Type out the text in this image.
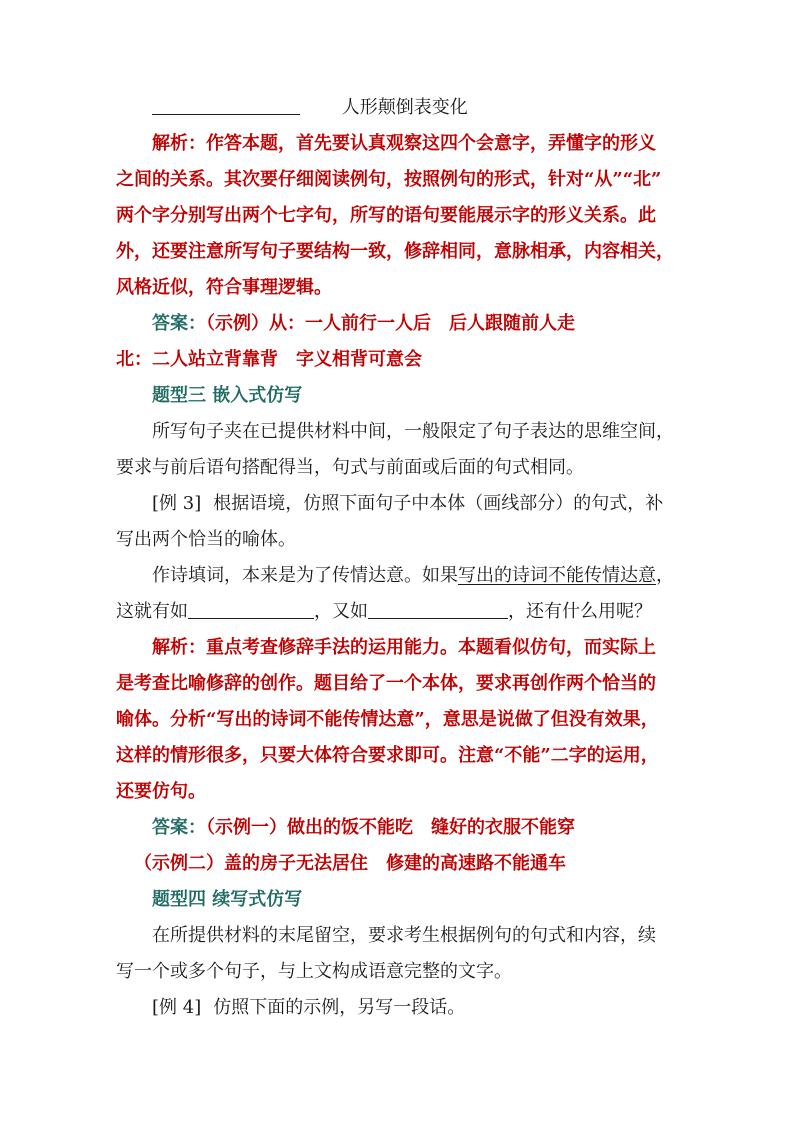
人形颠倒表变化
解析：作答本题，首先要认真观察这四个会意字，弄懂字的形义
之间的关系。其次要仔细阅读例句，按照例句的形式，针对“从”“北”
两个字分别写出两个七字句，所写的语句要能展示字的形义关系。此
外，还要注意所写句子要结构一致，修辞相同，意脉相承，内容相关，
风格近似，符合事理逻辑。
答案：（示例）从：一人前行一人后　后人跟随前人走
北：二人站立背靠背　字义相背可意会
题型三 嵌入式仿写
所写句子夹在已提供材料中间，一般限定了句子表达的思维空间，
要求与前后语句搭配得当，句式与前面或后面的句式相同。
[例 3] 根据语境，仿照下面句子中本体（画线部分）的句式，补
写出两个恰当的喻体。
作诗填词，本来是为了传情达意。如果写出的诗词不能传情达意，
这就有如	，又如	，还有什么用呢？
解析：重点考查修辞手法的运用能力。本题看似仿句，而实际上
是考查比喻修辞的创作。题目给了一个本体，要求再创作两个恰当的
喻体。分析“写出的诗词不能传情达意”，意思是说做了但没有效果，
这样的情形很多，只要大体符合要求即可。注意“不能”二字的运用，
还要仿句。
答案：（示例一）做出的饭不能吃　缝好的衣服不能穿
（示例二）盖的房子无法居住　修建的高速路不能通车
题型四 续写式仿写
在所提供材料的末尾留空，要求考生根据例句的句式和内容，续
写一个或多个句子，与上文构成语意完整的文字。
[例 4] 仿照下面的示例，另写一段话。
